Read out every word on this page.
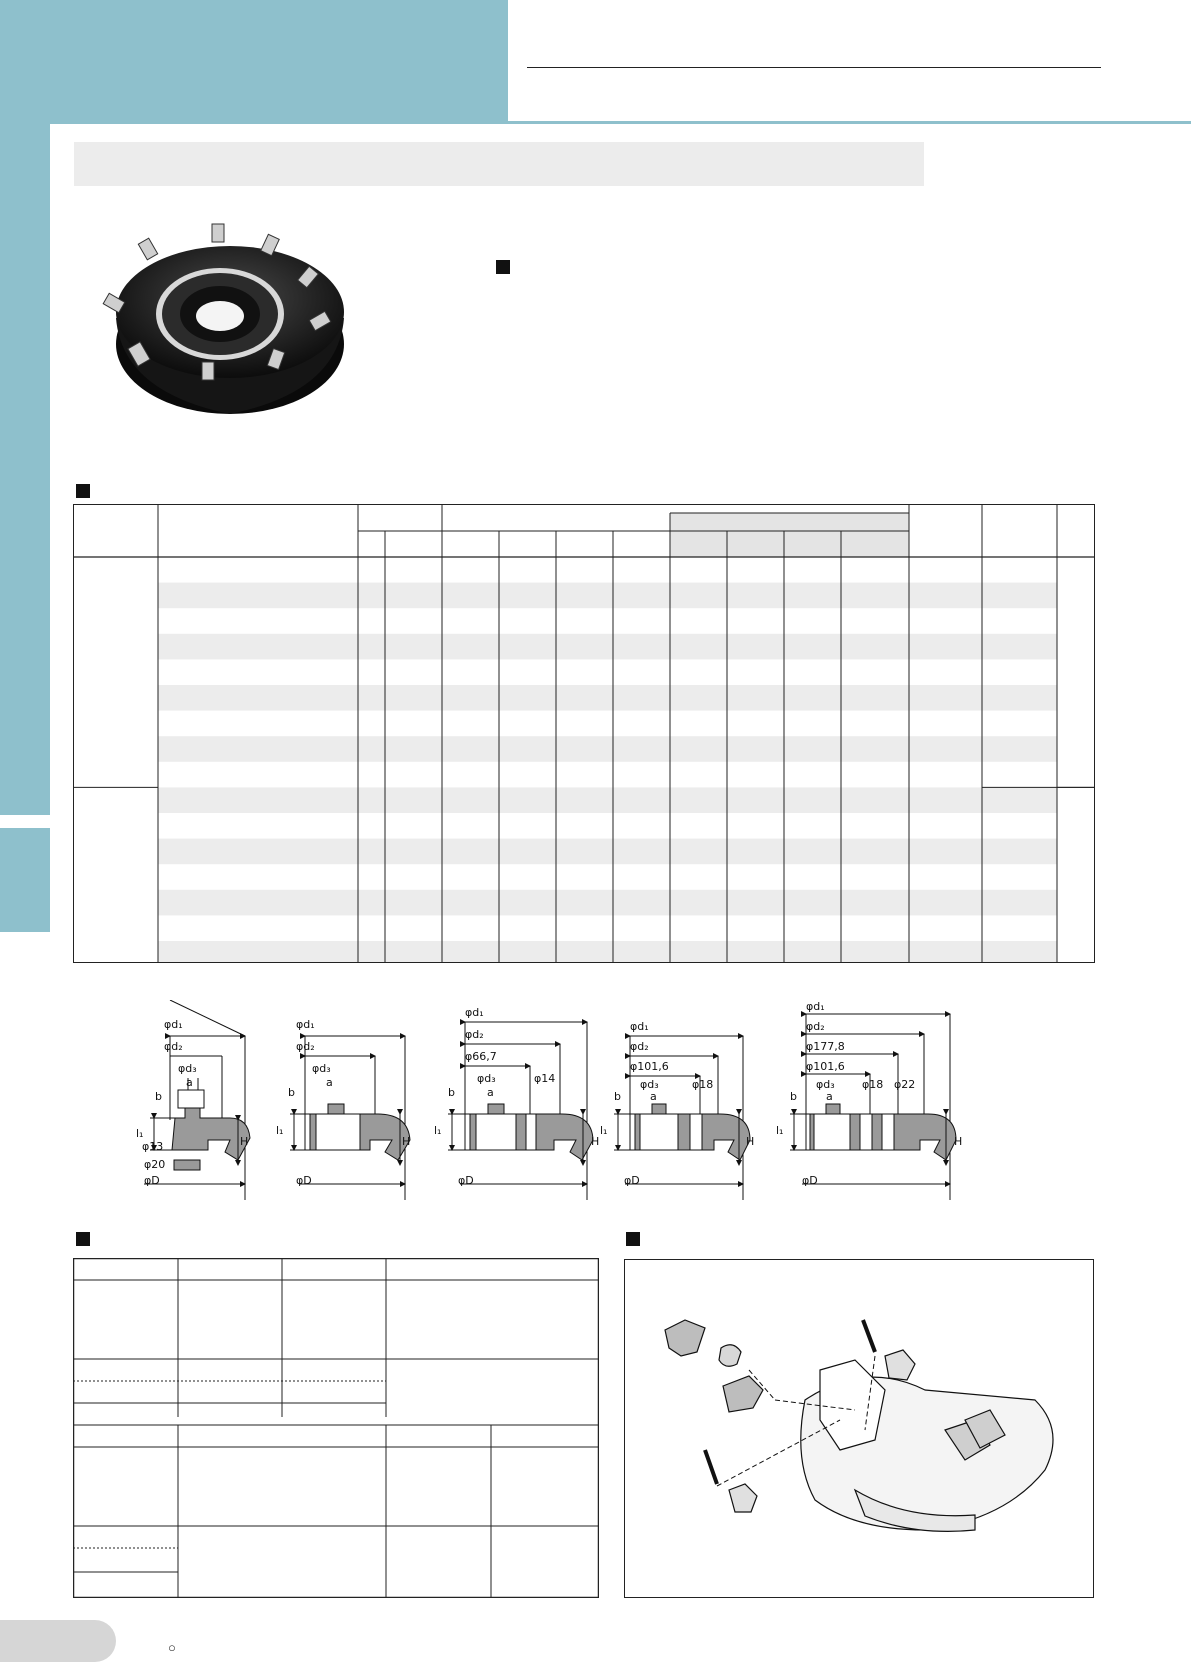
φd₁
φd₂
φd₃
a
b
l₁
H
φ13
φ20
φD
φd₁
φd₂
φd₃
a
b
l₁
H
φD
φd₁
φd₂
φ66,7
φd₃	φ14
a
b
l₁
H
φD
φd₁
φd₂
φ101,6
φd₃	φ18
a
b
l₁
H
φD
φd₁
φd₂
φ177,8
φ101,6
φd₃ φ18 φ22
a
b
l₁
H
φD
○
